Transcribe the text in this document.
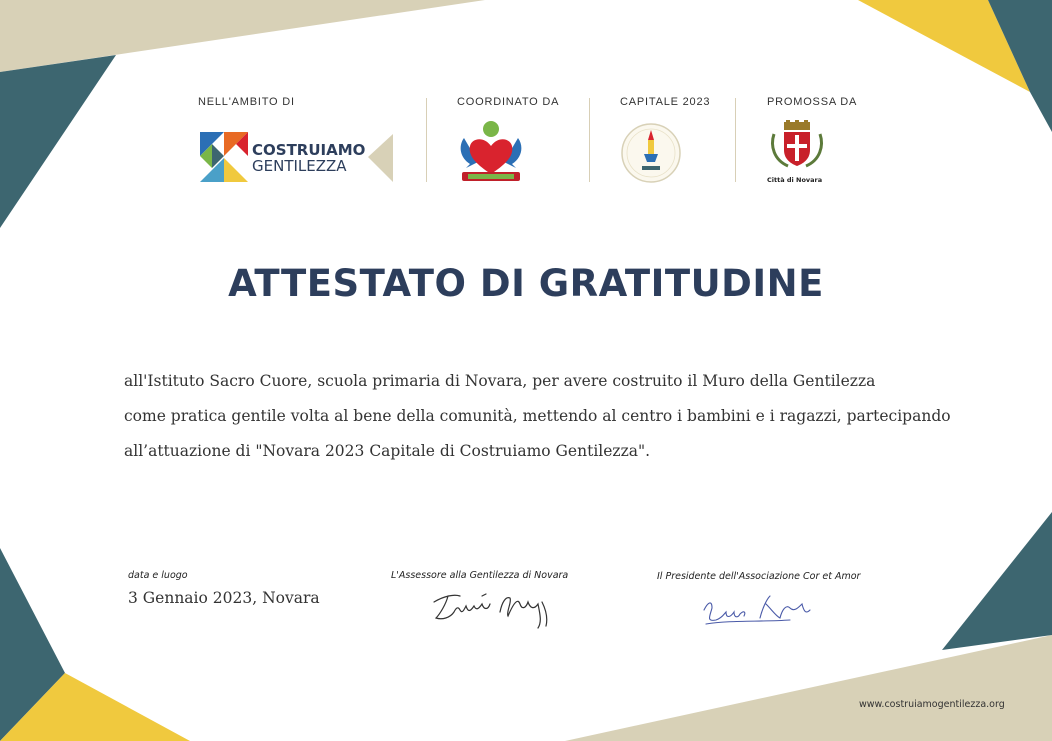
NELL'AMBITO DI	COORDINATO DA	CAPITALE 2023	PROMOSSA DA
COSTRUIAMO
GENTILEZZA
Città di Novara
ATTESTATO DI GRATITUDINE

all'Istituto Sacro Cuore, scuola primaria di Novara, per avere costruito il Muro della Gentilezza

come pratica gentile volta al bene della comunità, mettendo al centro i bambini e i ragazzi, partecipando

all’attuazione di "Novara 2023 Capitale di Costruiamo Gentilezza".

data e luogo
3 Gennaio 2023, Novara
L'Assessore alla Gentilezza di Novara	Il Presidente dell'Associazione Cor et Amor
www.costruiamogentilezza.org
